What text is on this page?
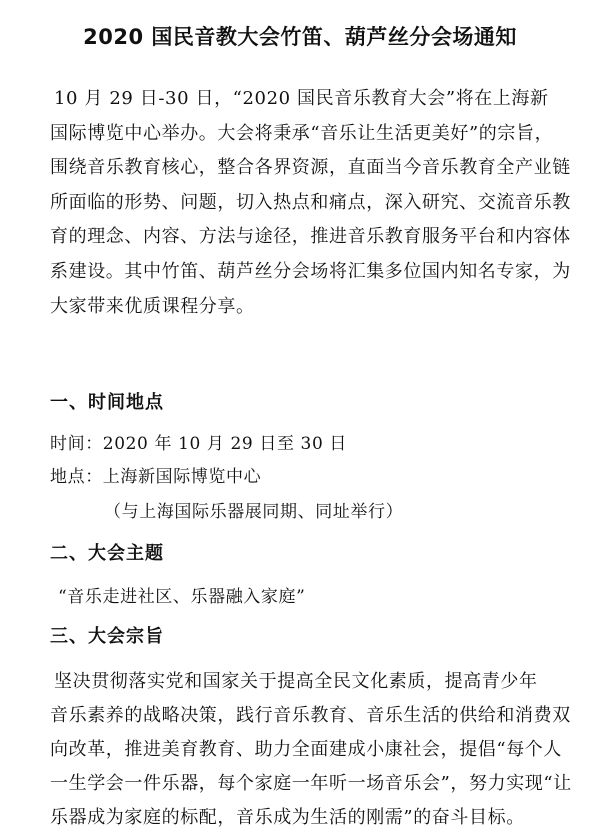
2020 国民音教大会竹笛、葫芦丝分会场通知
10 月 29 日-30 日，“2020 国民音乐教育大会”将在上海新
国际博览中心举办。大会将秉承“音乐让生活更美好”的宗旨，
围绕音乐教育核心，整合各界资源，直面当今音乐教育全产业链
所面临的形势、问题，切入热点和痛点，深入研究、交流音乐教
育的理念、内容、方法与途径，推进音乐教育服务平台和内容体
系建设。其中竹笛、葫芦丝分会场将汇集多位国内知名专家，为
大家带来优质课程分享。
一、时间地点
时间：2020 年 10 月 29 日至 30 日
地点：上海新国际博览中心
（与上海国际乐器展同期、同址举行）
二、大会主题
“音乐走进社区、乐器融入家庭”
三、大会宗旨
坚决贯彻落实党和国家关于提高全民文化素质，提高青少年
音乐素养的战略决策，践行音乐教育、音乐生活的供给和消费双
向改革，推进美育教育、助力全面建成小康社会，提倡“每个人
一生学会一件乐器，每个家庭一年听一场音乐会”，努力实现“让
乐器成为家庭的标配，音乐成为生活的刚需”的奋斗目标。
